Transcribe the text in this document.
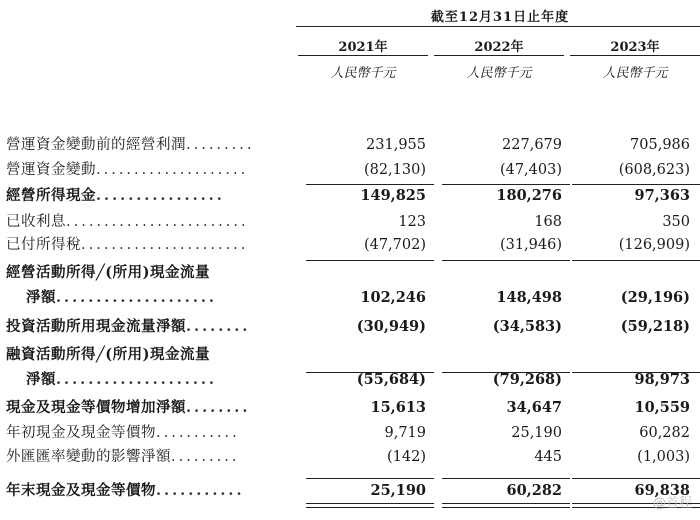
截至12月31日止年度
2021年	2022年	2023年
人民幣千元	人民幣千元	人民幣千元
營運資金變動前的經營利潤.........	231,955	227,679	705,986
營運資金變動....................	(82,130)	(47,403)	(608,623)
經營所得現金................	149,825	180,276	97,363
已收利息........................	123	168	350
已付所得稅......................	(47,702)	(31,946)	(126,909)
經營活動所得╱(所用)現金流量
淨額....................	102,246	148,498	(29,196)
投資活動所用現金流量淨額........	(30,949)	(34,583)	(59,218)
融資活動所得╱(所用)現金流量
淨額....................	(55,684)	(79,268)	98,973
現金及現金等價物增加淨額........	15,613	34,647	10,559
年初現金及現金等價物...........	9,719	25,190	60,282
外匯匯率變動的影響淨額.........	(142)	445	(1,003)
年末現金及現金等價物...........	25,190	60,282	69,838
@首程
